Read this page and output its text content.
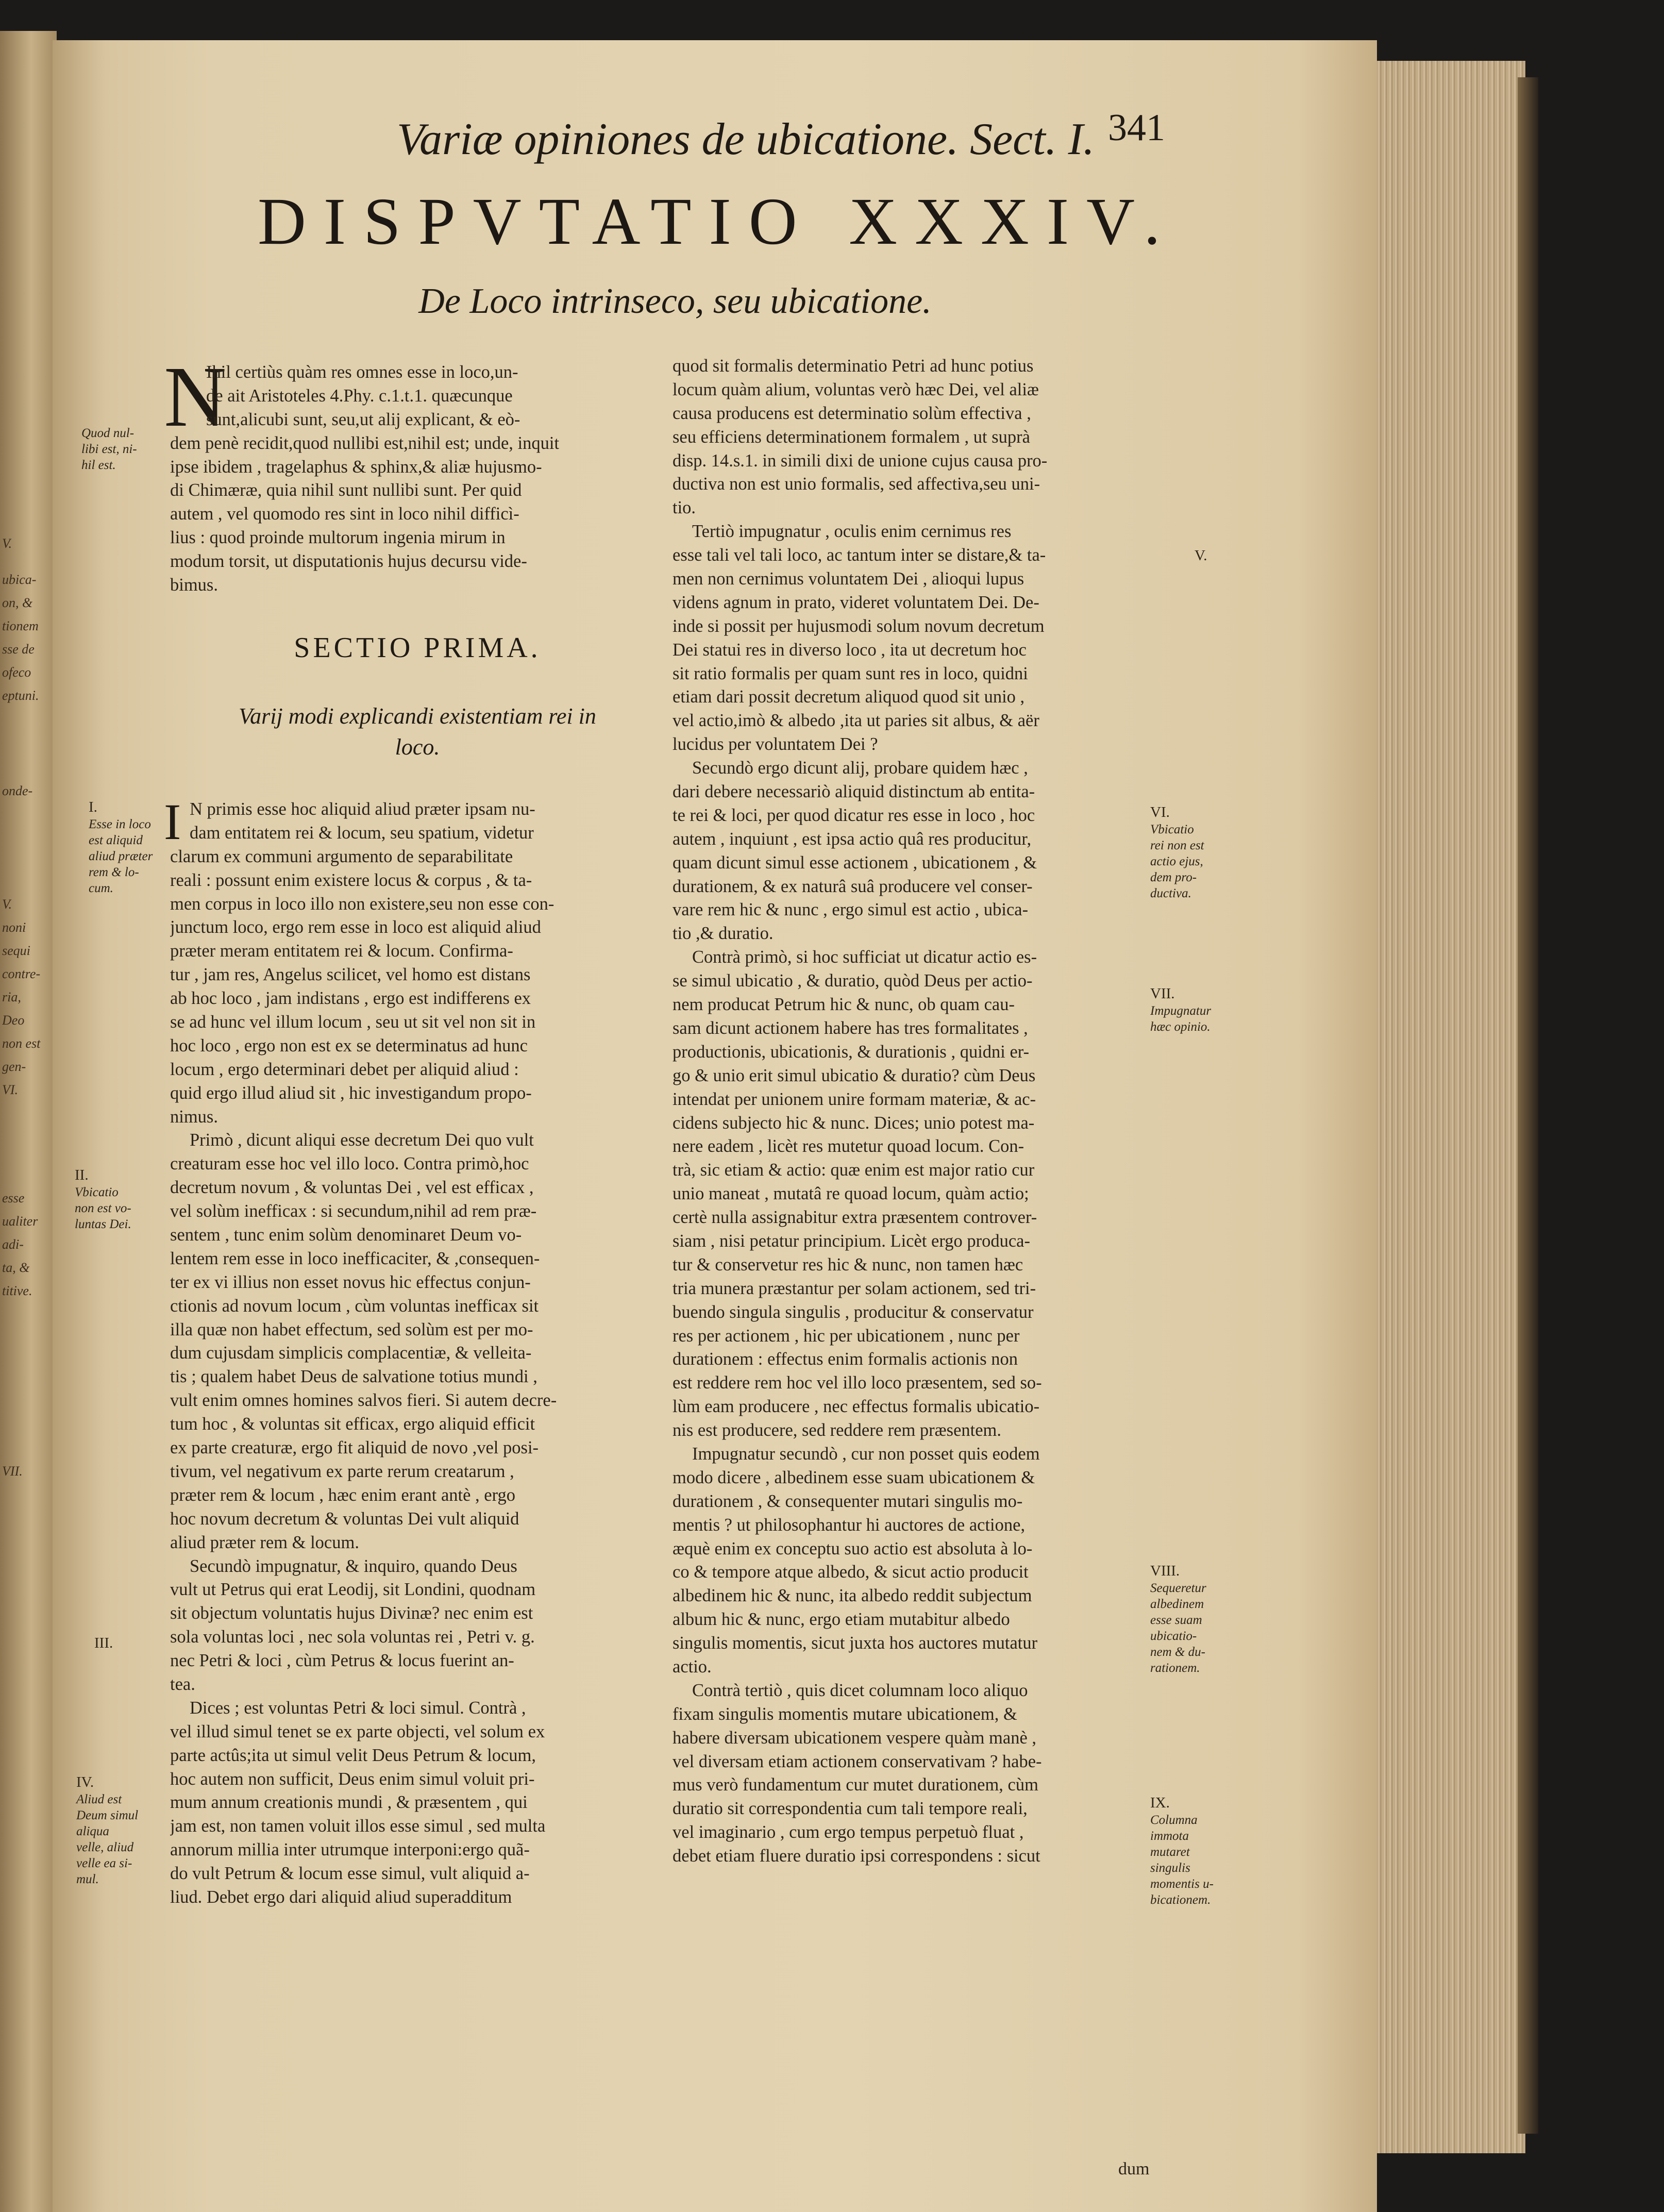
V.
ubica-
on, &
tionem
sse de
ofeco
eptuni.
onde-
V.
noni
sequi
contre-
ria,
Deo
non est
gen-
VI.
esse
ualiter
adi-
ta, &
titive.
VII.
Variæ opiniones de ubicatione. Sect. I. 341
DISPVTATIO XXXIV.
De Loco intrinseco, seu ubicatione.
N
Ihil certiùs quàm res omnes esse in loco,un-
de ait Aristoteles 4.Phy. c.1.t.1. quæcunque
sunt,alicubi sunt, seu,ut alij explicant, & eò-
dem penè recidit,quod nullibi est,nihil est; unde, inquit
ipse ibidem , tragelaphus & sphinx,& aliæ hujusmo-
di Chimæræ, quia nihil sunt nullibi sunt. Per quid
autem , vel quomodo res sint in loco nihil difficì-
lius : quod proinde multorum ingenia mirum in
modum torsit, ut disputationis hujus decursu vide-
bimus.
SECTIO PRIMA.
Varij modi explicandi existentiam rei in
loco.
I N primis esse hoc aliquid aliud præter ipsam nu-
dam entitatem rei & locum, seu spatium, videtur
clarum ex communi argumento de separabilitate
reali : possunt enim existere locus & corpus , & ta-
men corpus in loco illo non existere,seu non esse con-
junctum loco, ergo rem esse in loco est aliquid aliud
præter meram entitatem rei & locum. Confirma-
tur , jam res, Angelus scilicet, vel homo est distans
ab hoc loco , jam indistans , ergo est indifferens ex
se ad hunc vel illum locum , seu ut sit vel non sit in
hoc loco , ergo non est ex se determinatus ad hunc
locum , ergo determinari debet per aliquid aliud :
quid ergo illud aliud sit , hic investigandum propo-
nimus.
Primò , dicunt aliqui esse decretum Dei quo vult
creaturam esse hoc vel illo loco. Contra primò,hoc
decretum novum , & voluntas Dei , vel est efficax ,
vel solùm inefficax : si secundum,nihil ad rem præ-
sentem , tunc enim solùm denominaret Deum vo-
lentem rem esse in loco inefficaciter, & ,consequen-
ter ex vi illius non esset novus hic effectus conjun-
ctionis ad novum locum , cùm voluntas inefficax sit
illa quæ non habet effectum, sed solùm est per mo-
dum cujusdam simplicis complacentiæ, & velleita-
tis ; qualem habet Deus de salvatione totius mundi ,
vult enim omnes homines salvos fieri. Si autem decre-
tum hoc , & voluntas sit efficax, ergo aliquid efficit
ex parte creaturæ, ergo fit aliquid de novo ,vel posi-
tivum, vel negativum ex parte rerum creatarum ,
præter rem & locum , hæc enim erant antè , ergo
hoc novum decretum & voluntas Dei vult aliquid
aliud præter rem & locum.
Secundò impugnatur, & inquiro, quando Deus
vult ut Petrus qui erat Leodij, sit Londini, quodnam
sit objectum voluntatis hujus Divinæ? nec enim est
sola voluntas loci , nec sola voluntas rei , Petri v. g.
nec Petri & loci , cùm Petrus & locus fuerint an-
tea.
Dices ; est voluntas Petri & loci simul. Contrà ,
vel illud simul tenet se ex parte objecti, vel solum ex
parte actûs;ita ut simul velit Deus Petrum & locum,
hoc autem non sufficit, Deus enim simul voluit pri-
mum annum creationis mundi , & præsentem , qui
jam est, non tamen voluit illos esse simul , sed multa
annorum millia inter utrumque interponi:ergo quã-
do vult Petrum & locum esse simul, vult aliquid a-
liud. Debet ergo dari aliquid aliud superadditum
quod sit formalis determinatio Petri ad hunc potius
locum quàm alium, voluntas verò hæc Dei, vel aliæ
causa producens est determinatio solùm effectiva ,
seu efficiens determinationem formalem , ut suprà
disp. 14.s.1. in simili dixi de unione cujus causa pro-
ductiva non est unio formalis, sed affectiva,seu uni-
tio.
Tertiò impugnatur , oculis enim cernimus res
esse tali vel tali loco, ac tantum inter se distare,& ta-
men non cernimus voluntatem Dei , alioqui lupus
videns agnum in prato, videret voluntatem Dei. De-
inde si possit per hujusmodi solum novum decretum
Dei statui res in diverso loco , ita ut decretum hoc
sit ratio formalis per quam sunt res in loco, quidni
etiam dari possit decretum aliquod quod sit unio ,
vel actio,imò & albedo ,ita ut paries sit albus, & aër
lucidus per voluntatem Dei ?
Secundò ergo dicunt alij, probare quidem hæc ,
dari debere necessariò aliquid distinctum ab entita-
te rei & loci, per quod dicatur res esse in loco , hoc
autem , inquiunt , est ipsa actio quâ res producitur,
quam dicunt simul esse actionem , ubicationem , &
durationem, & ex naturâ suâ producere vel conser-
vare rem hic & nunc , ergo simul est actio , ubica-
tio ,& duratio.
Contrà primò, si hoc sufficiat ut dicatur actio es-
se simul ubicatio , & duratio, quòd Deus per actio-
nem producat Petrum hic & nunc, ob quam cau-
sam dicunt actionem habere has tres formalitates ,
productionis, ubicationis, & durationis , quidni er-
go & unio erit simul ubicatio & duratio? cùm Deus
intendat per unionem unire formam materiæ, & ac-
cidens subjecto hic & nunc. Dices; unio potest ma-
nere eadem , licèt res mutetur quoad locum. Con-
trà, sic etiam & actio: quæ enim est major ratio cur
unio maneat , mutatâ re quoad locum, quàm actio;
certè nulla assignabitur extra præsentem controver-
siam , nisi petatur principium. Licèt ergo produca-
tur & conservetur res hic & nunc, non tamen hæc
tria munera præstantur per solam actionem, sed tri-
buendo singula singulis , producitur & conservatur
res per actionem , hic per ubicationem , nunc per
durationem : effectus enim formalis actionis non
est reddere rem hoc vel illo loco præsentem, sed so-
lùm eam producere , nec effectus formalis ubicatio-
nis est producere, sed reddere rem præsentem.
Impugnatur secundò , cur non posset quis eodem
modo dicere , albedinem esse suam ubicationem &
durationem , & consequenter mutari singulis mo-
mentis ? ut philosophantur hi auctores de actione,
æquè enim ex conceptu suo actio est absoluta à lo-
co & tempore atque albedo, & sicut actio producit
albedinem hic & nunc, ita albedo reddit subjectum
album hic & nunc, ergo etiam mutabitur albedo
singulis momentis, sicut juxta hos auctores mutatur
actio.
Contrà tertiò , quis dicet columnam loco aliquo
fixam singulis momentis mutare ubicationem, &
habere diversam ubicationem vespere quàm manè ,
vel diversam etiam actionem conservativam ? habe-
mus verò fundamentum cur mutet durationem, cùm
duratio sit correspondentia cum tali tempore reali,
vel imaginario , cum ergo tempus perpetuò fluat ,
debet etiam fluere duratio ipsi correspondens : sicut
dum
Quod nul-
libi est, ni-
hil est.
I.
Esse in loco
est aliquid
aliud præter
rem & lo-
cum.
II.
Vbicatio
non est vo-
luntas Dei.
III.
IV.
Aliud est
Deum simul
aliqua
velle, aliud
velle ea si-
mul.
V.
VI.
Vbicatio
rei non est
actio ejus,
dem pro-
ductiva.
VII.
Impugnatur
hæc opinio.
VIII.
Sequeretur
albedinem
esse suam
ubicatio-
nem & du-
rationem.
IX.
Columna
immota
mutaret
singulis
momentis u-
bicationem.
